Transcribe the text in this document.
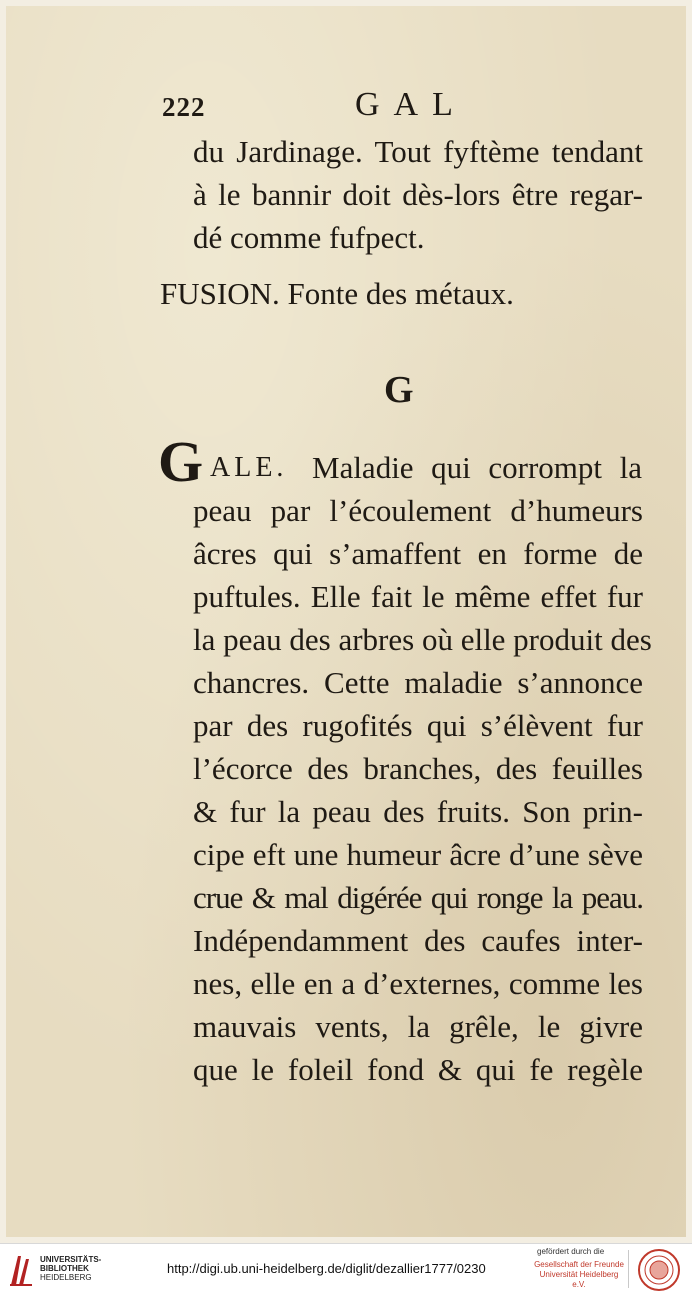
222	GAL
du Jardinage. Tout fyftème tendant
à le bannir doit dès-lors être regar-
dé comme fufpect.
FUSION. Fonte des métaux.
G
G ALE. Maladie qui corrompt la
peau par l’écoulement d’humeurs
âcres qui s’amaffent en forme de
puftules. Elle fait le même effet fur
la peau des arbres où elle produit des
chancres. Cette maladie s’annonce
par des rugofités qui s’élèvent fur
l’écorce des branches, des feuilles
& fur la peau des fruits. Son prin-
cipe eft une humeur âcre d’une sève
crue & mal digérée qui ronge la peau.
Indépendamment des caufes inter-
nes, elle en a d’externes, comme les
mauvais vents, la grêle, le givre
que le foleil fond & qui fe regèle
UNIVERSITÄTS-
BIBLIOTHEK
HEIDELBERG
http://digi.ub.uni-heidelberg.de/diglit/dezallier1777/0230
gefördert durch die
Gesellschaft der Freunde
Universität Heidelberg e.V.
